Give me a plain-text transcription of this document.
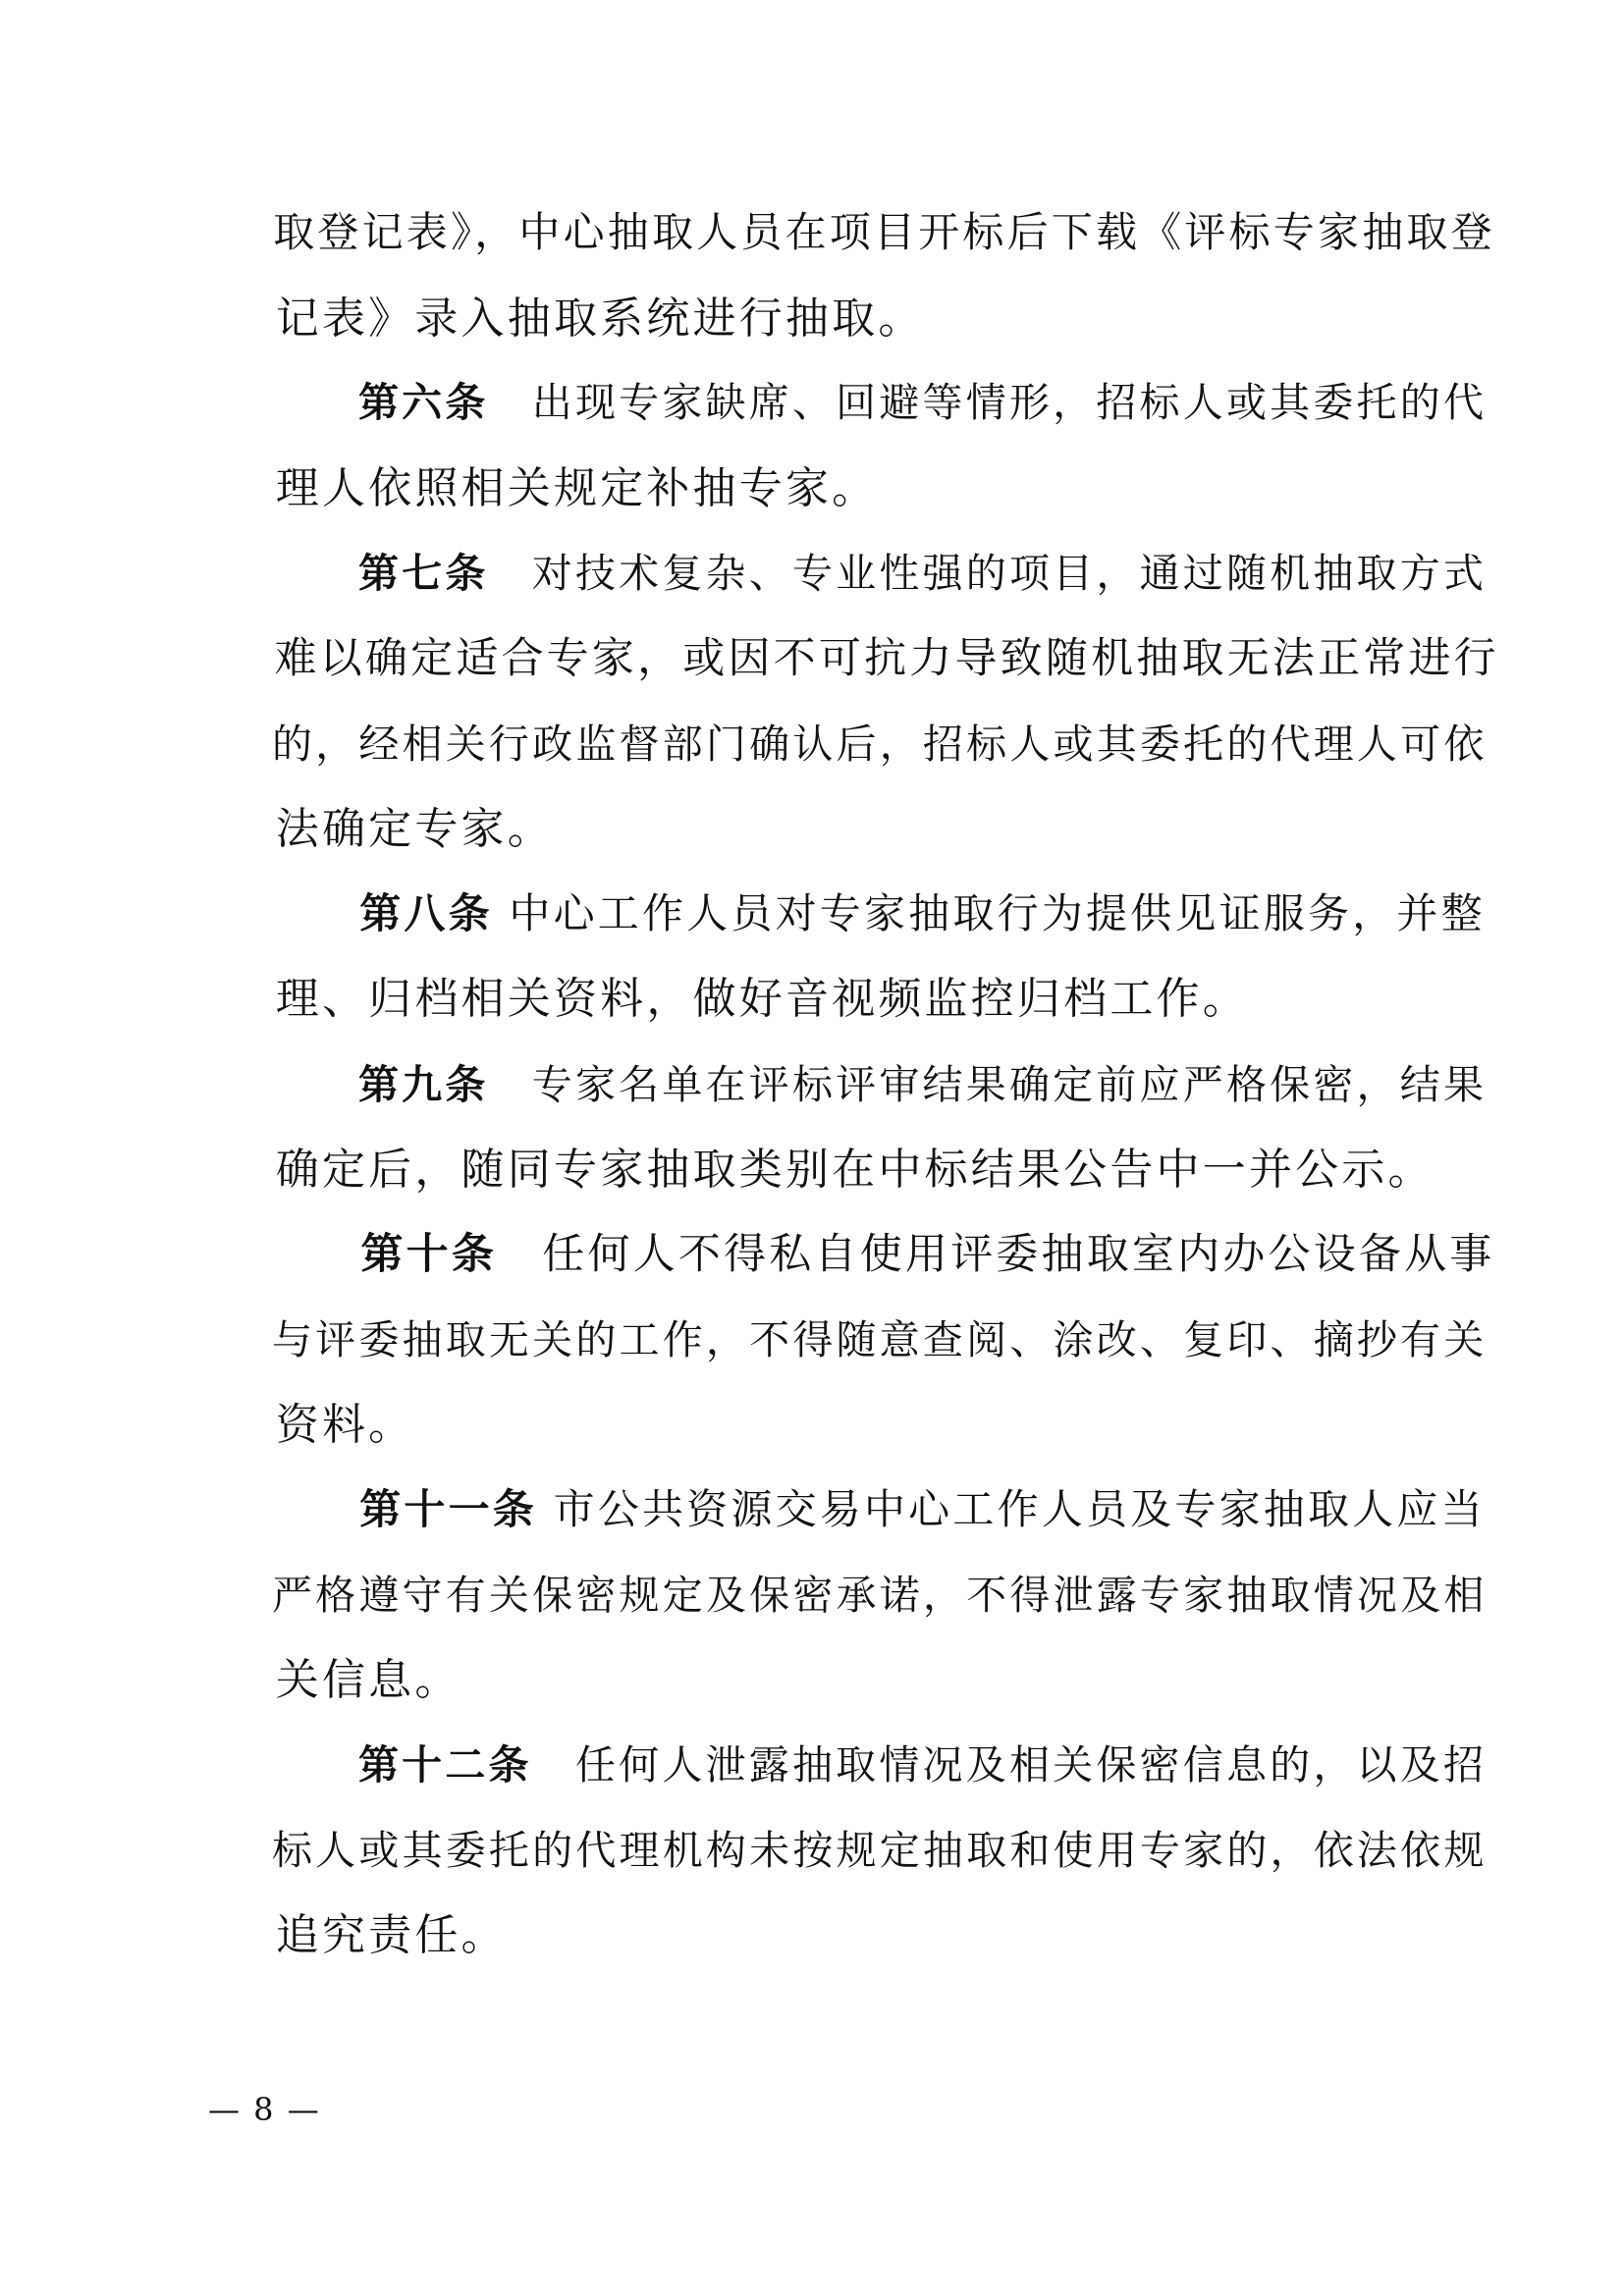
取登记表》，中心抽取人员在项目开标后下载《评标专家抽取登

记表》录入抽取系统进行抽取。

第六条　出现专家缺席、回避等情形，招标人或其委托的代

理人依照相关规定补抽专家。

第七条　对技术复杂、专业性强的项目，通过随机抽取方式

难以确定适合专家，或因不可抗力导致随机抽取无法正常进行

的，经相关行政监督部门确认后，招标人或其委托的代理人可依

法确定专家。

第八条 中心工作人员对专家抽取行为提供见证服务，并整

理、归档相关资料，做好音视频监控归档工作。

第九条　专家名单在评标评审结果确定前应严格保密，结果

确定后，随同专家抽取类别在中标结果公告中一并公示。

第十条　任何人不得私自使用评委抽取室内办公设备从事

与评委抽取无关的工作，不得随意查阅、涂改、复印、摘抄有关

资料。

第十一条 市公共资源交易中心工作人员及专家抽取人应当

严格遵守有关保密规定及保密承诺，不得泄露专家抽取情况及相

关信息。

第十二条　任何人泄露抽取情况及相关保密信息的，以及招

标人或其委托的代理机构未按规定抽取和使用专家的，依法依规

追究责任。

— 8 —
